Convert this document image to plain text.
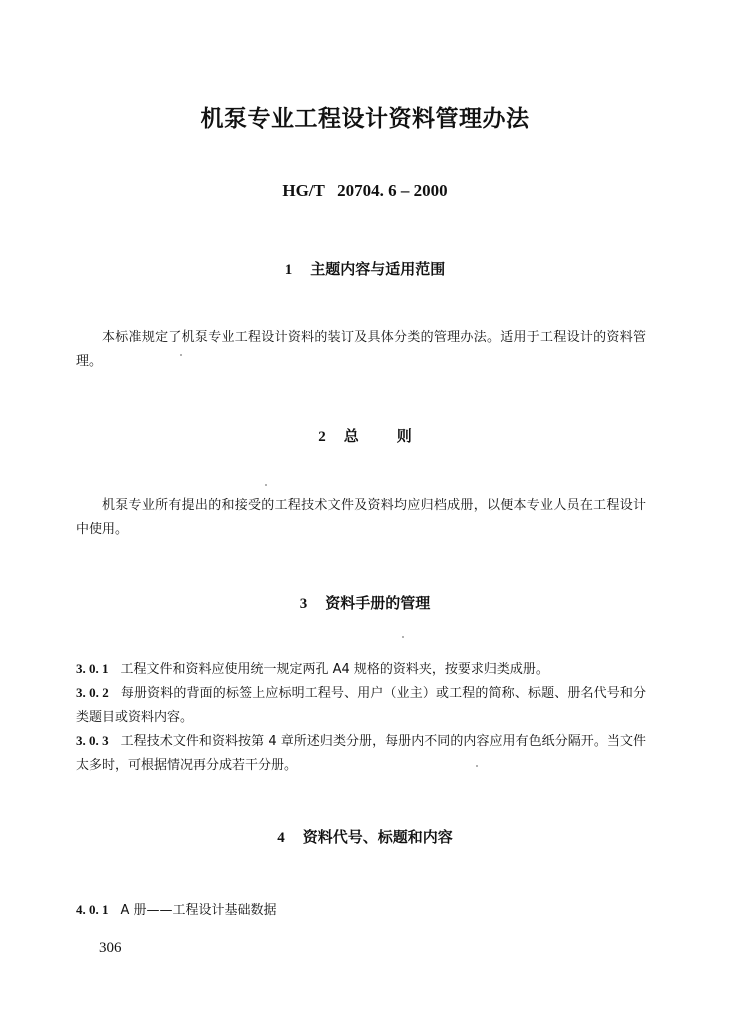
机泵专业工程设计资料管理办法
HG/T 20704. 6 – 2000
1 主题内容与适用范围
本标准规定了机泵专业工程设计资料的装订及具体分类的管理办法。适用于工程设计的资料管理。
2 总	则
机泵专业所有提出的和接受的工程技术文件及资料均应归档成册，以便本专业人员在工程设计中使用。
3 资料手册的管理
3. 0. 1 工程文件和资料应使用统一规定两孔 A4 规格的资料夹，按要求归类成册。
3. 0. 2 每册资料的背面的标签上应标明工程号、用户（业主）或工程的简称、标题、册名代号和分类题目或资料内容。
3. 0. 3 工程技术文件和资料按第 4 章所述归类分册，每册内不同的内容应用有色纸分隔开。当文件太多时，可根据情况再分成若干分册。
4 资料代号、标题和内容
4. 0. 1 A 册——工程设计基础数据
306
